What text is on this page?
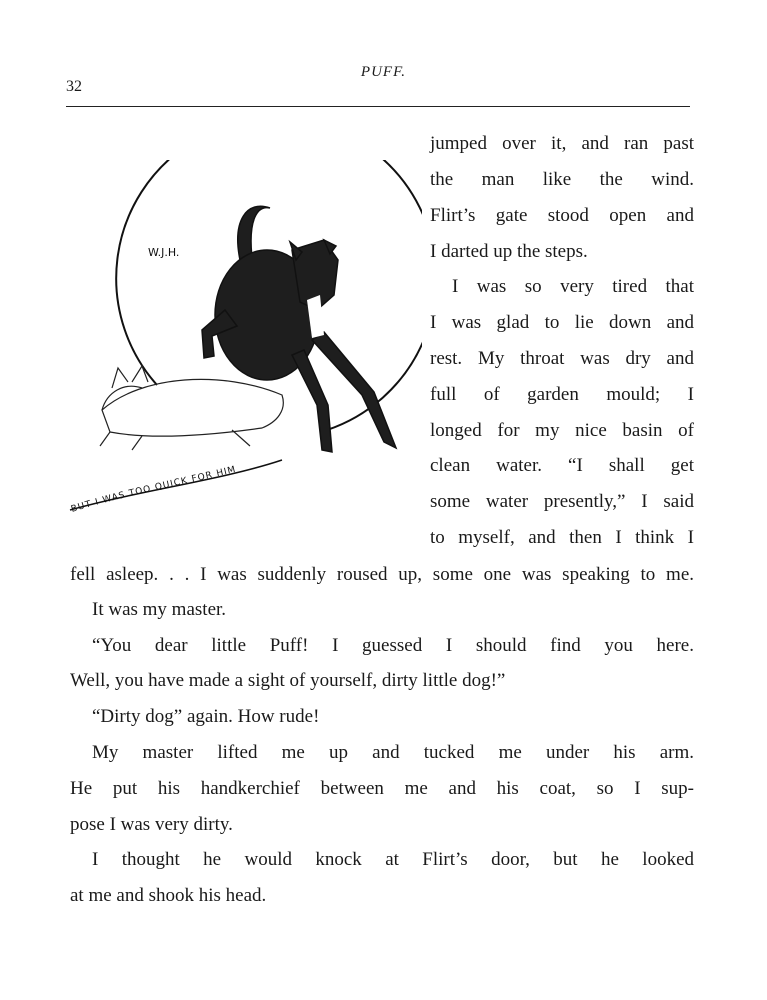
32
PUFF.
W.J.H.
BUT I WAS TOO QUICK FOR HIM
jumped over it, and ran past
the man like the wind.
Flirt’s gate stood open and
I darted up the steps.
I was so very tired that
I was glad to lie down and
rest. My throat was dry and
full of garden mould; I
longed for my nice basin of
clean water. “I shall get
some water presently,” I said
to myself, and then I think I
fell asleep. . . I was suddenly roused up, some one was speaking to me.
It was my master.
“You dear little Puff! I guessed I should find you here.
Well, you have made a sight of yourself, dirty little dog!”
“Dirty dog” again. How rude!
My master lifted me up and tucked me under his arm.
He put his handkerchief between me and his coat, so I sup-
pose I was very dirty.
I thought he would knock at Flirt’s door, but he looked
at me and shook his head.
